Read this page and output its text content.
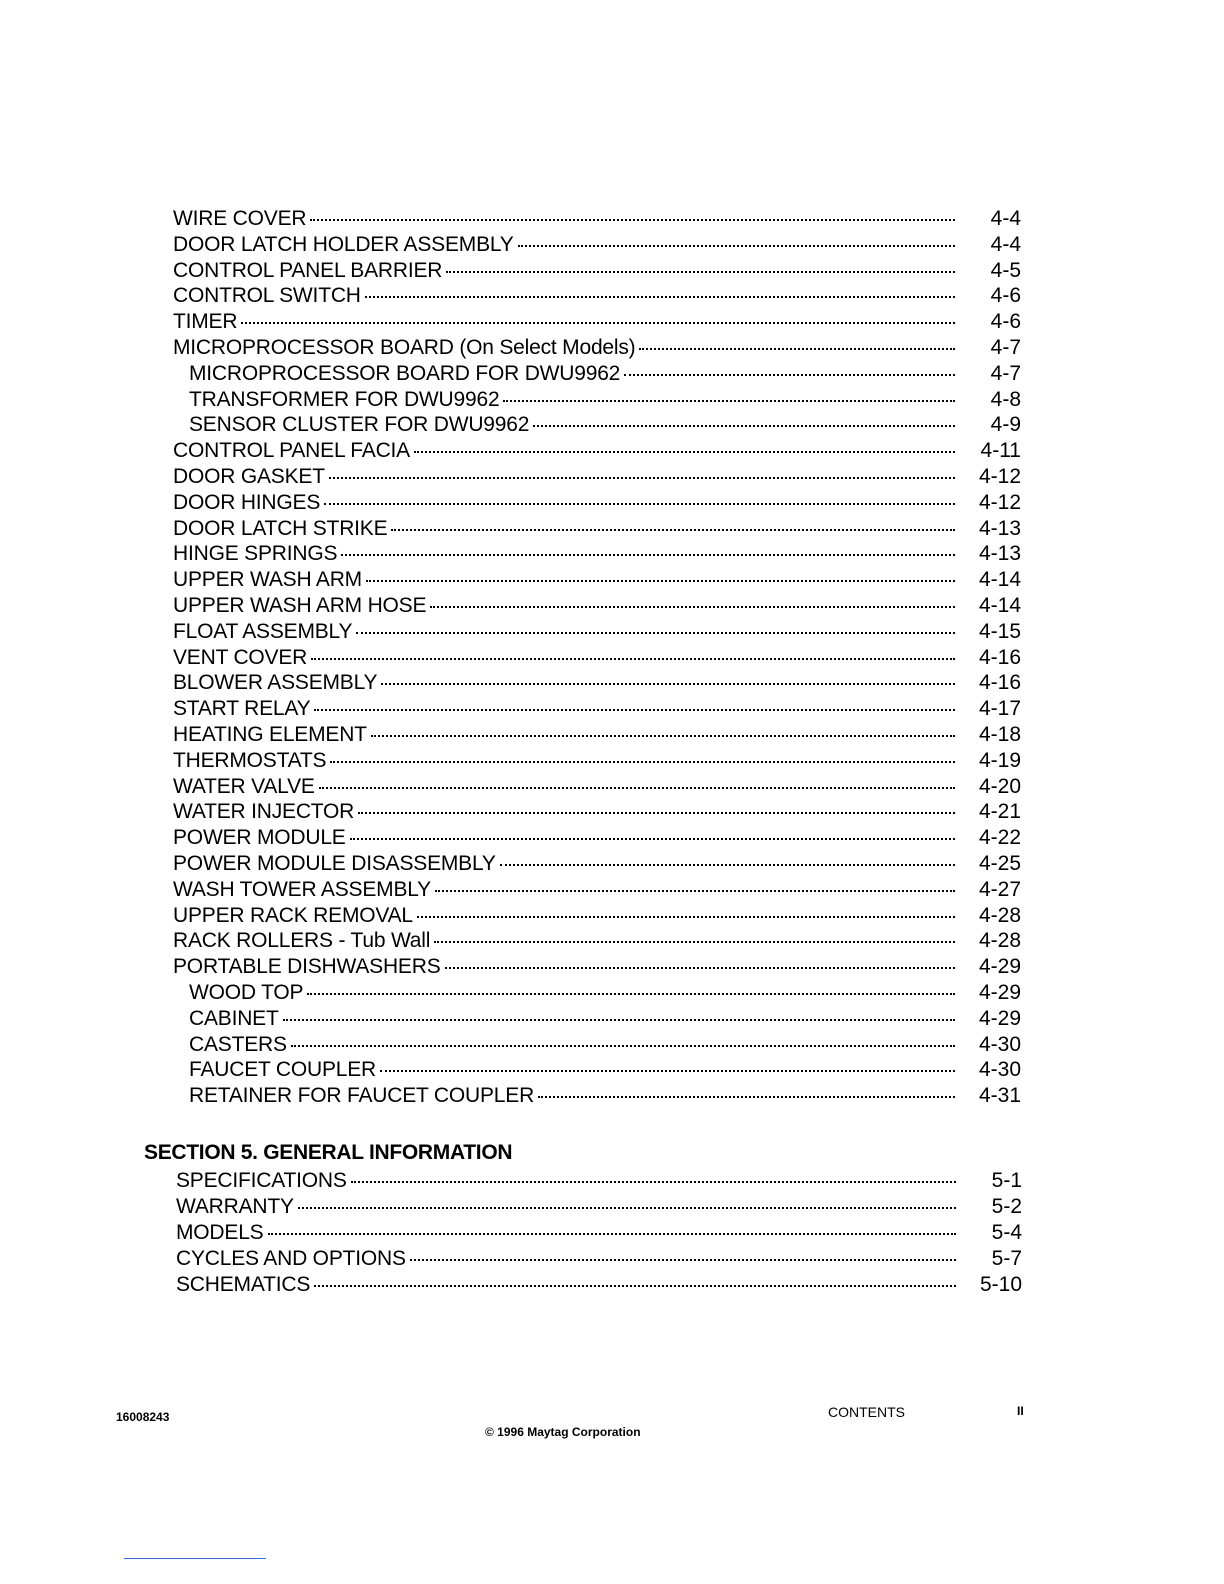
WIRE COVER	4-4
DOOR LATCH HOLDER ASSEMBLY	4-4
CONTROL PANEL BARRIER	4-5
CONTROL SWITCH	4-6
TIMER	4-6
MICROPROCESSOR BOARD (On Select Models)	4-7
MICROPROCESSOR BOARD FOR DWU9962	4-7
TRANSFORMER FOR DWU9962	4-8
SENSOR CLUSTER FOR DWU9962	4-9
CONTROL PANEL FACIA	4-11
DOOR GASKET	4-12
DOOR HINGES	4-12
DOOR LATCH STRIKE	4-13
HINGE SPRINGS	4-13
UPPER WASH ARM	4-14
UPPER WASH ARM HOSE	4-14
FLOAT ASSEMBLY	4-15
VENT COVER	4-16
BLOWER ASSEMBLY	4-16
START RELAY	4-17
HEATING ELEMENT	4-18
THERMOSTATS	4-19
WATER VALVE	4-20
WATER INJECTOR	4-21
POWER MODULE	4-22
POWER MODULE DISASSEMBLY	4-25
WASH TOWER ASSEMBLY	4-27
UPPER RACK REMOVAL	4-28
RACK ROLLERS - Tub Wall	4-28
PORTABLE DISHWASHERS	4-29
WOOD TOP	4-29
CABINET	4-29
CASTERS	4-30
FAUCET COUPLER	4-30
RETAINER FOR FAUCET COUPLER	4-31
SECTION 5. GENERAL INFORMATION
SPECIFICATIONS	5-1
WARRANTY	5-2
MODELS	5-4
CYCLES AND OPTIONS	5-7
SCHEMATICS	5-10
16008243	CONTENTS	II
© 1996 Maytag Corporation
